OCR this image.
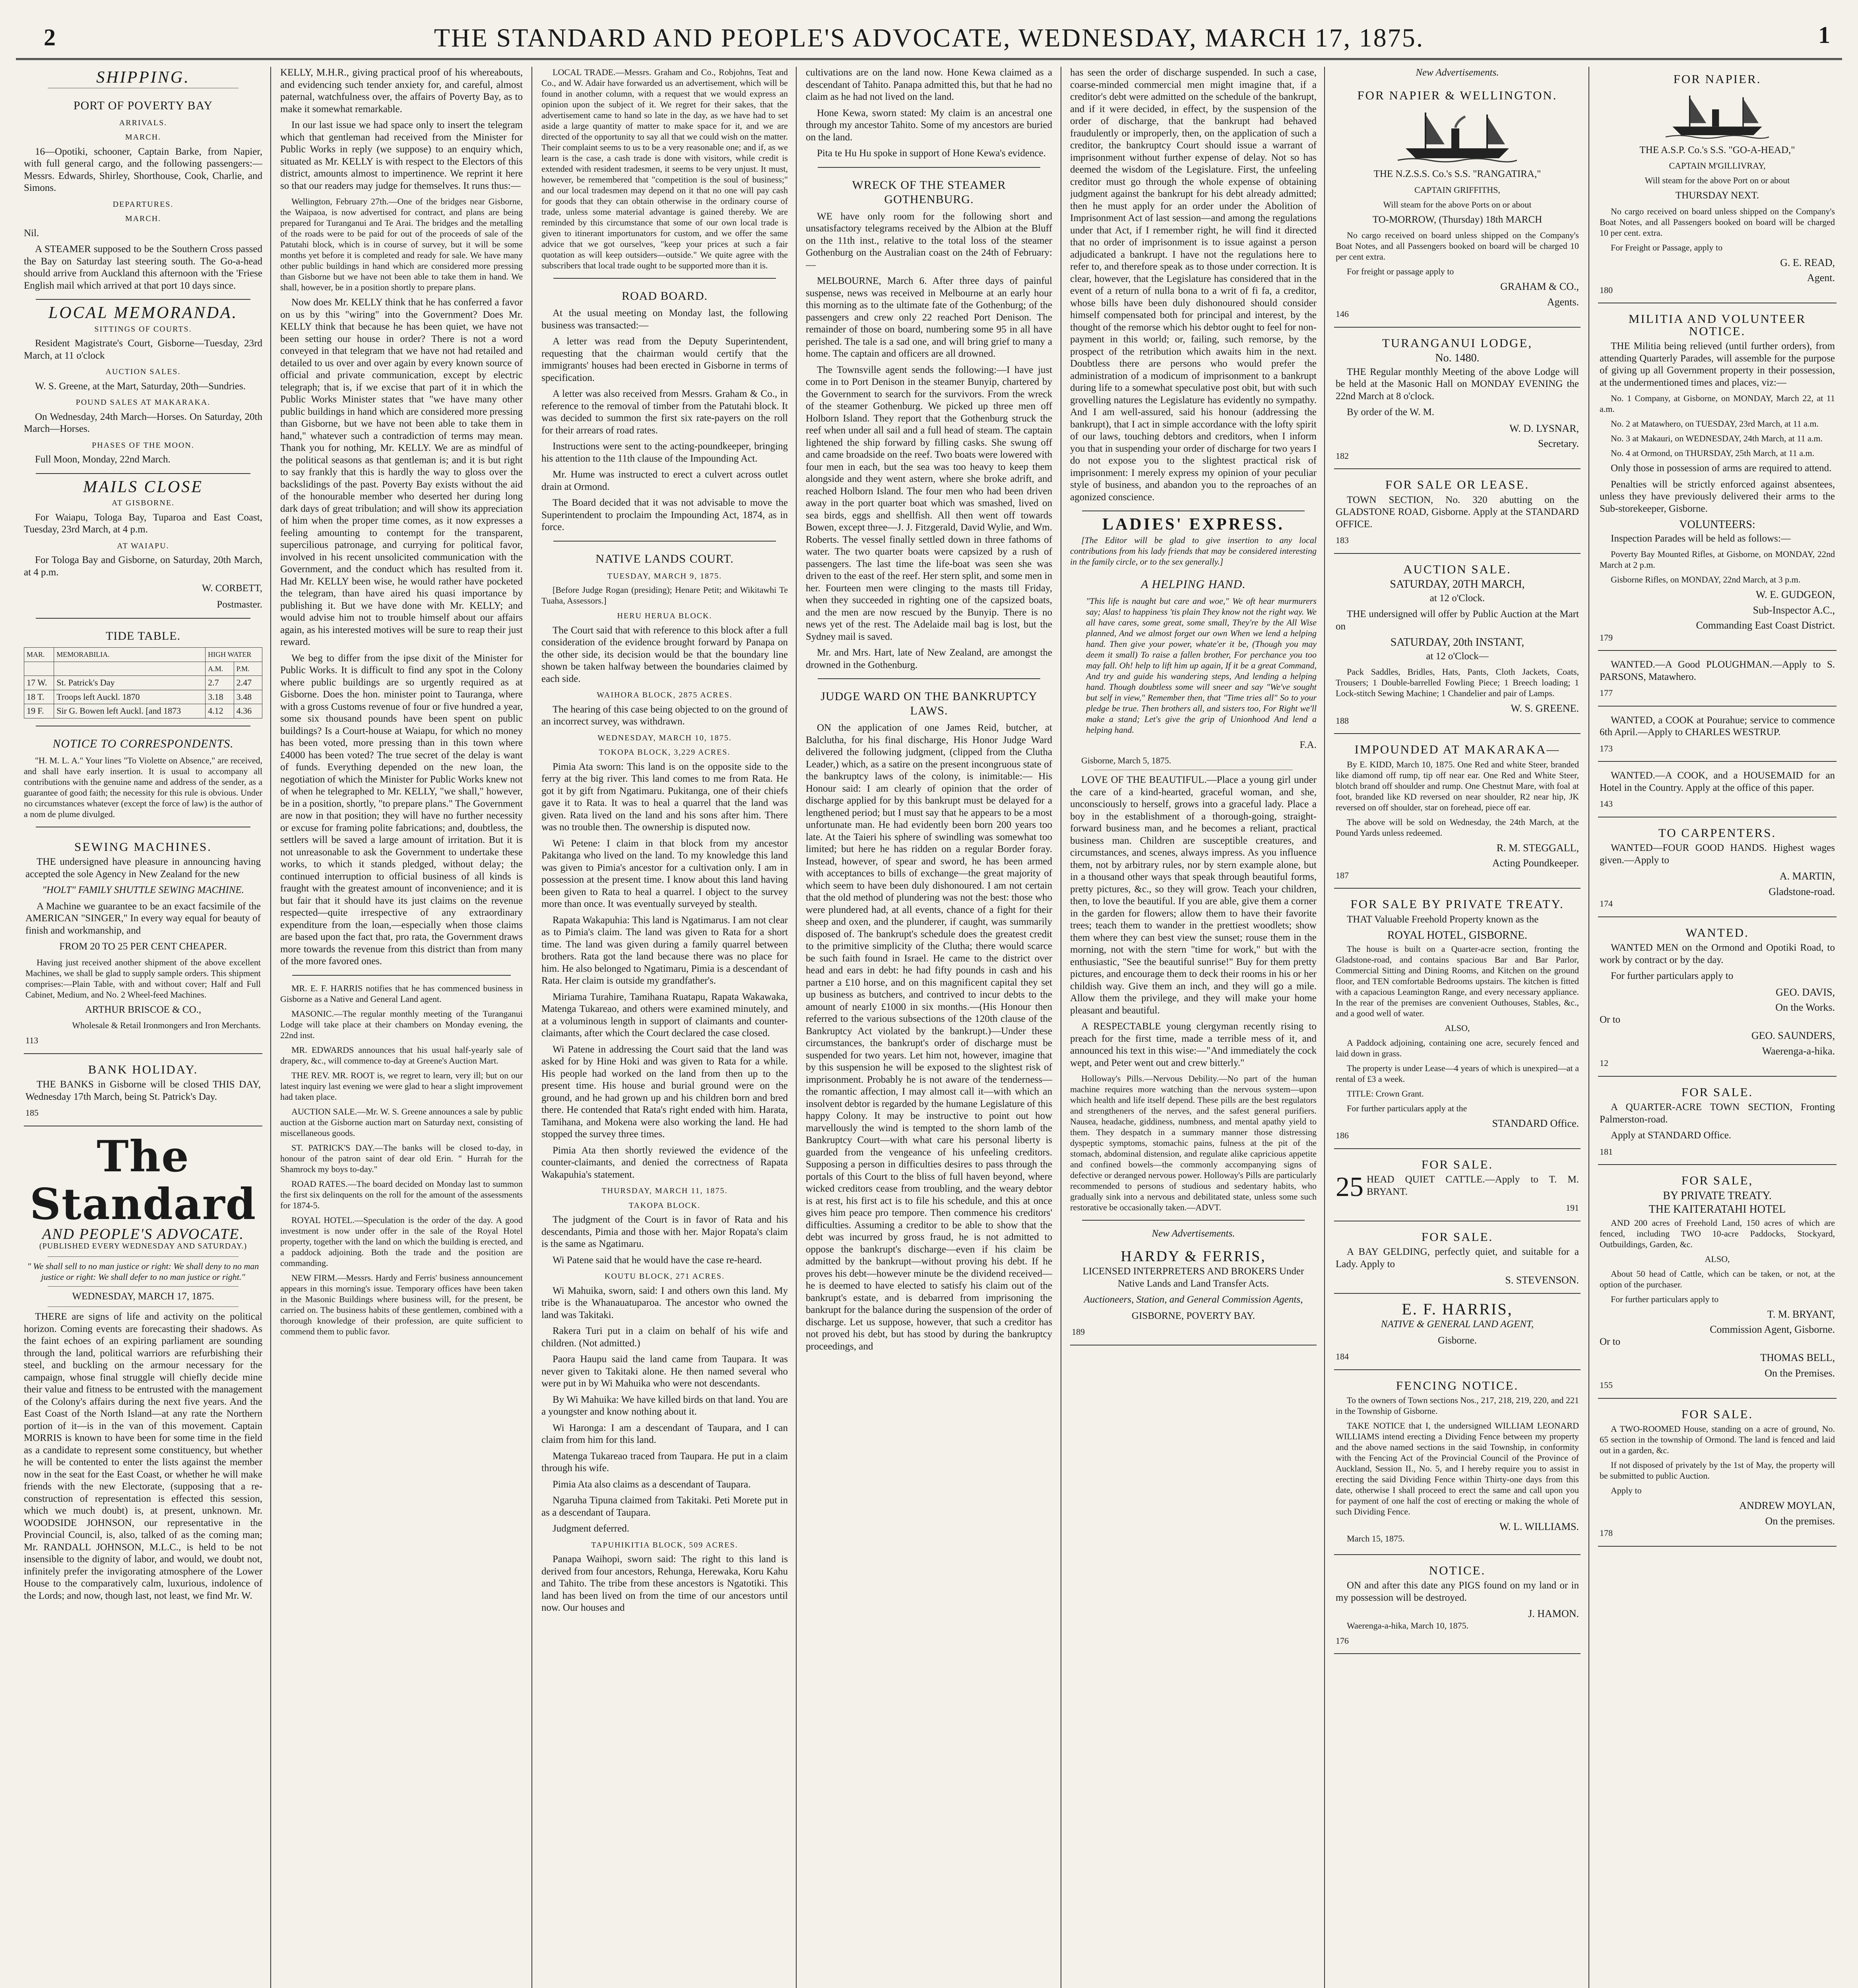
2	THE STANDARD AND PEOPLE'S ADVOCATE, WEDNESDAY, MARCH 17, 1875.	1
SHIPPING.
PORT OF POVERTY BAY
ARRIVALS.
MARCH.

16—Opotiki, schooner, Captain Barke, from Napier, with full general cargo, and the following passengers:—Messrs. Edwards, Shirley, Shorthouse, Cook, Charlie, and Simons.

DEPARTURES.
MARCH.

Nil.

A STEAMER supposed to be the Southern Cross passed the Bay on Saturday last steering south. The Go-a-head should arrive from Auckland this afternoon with the 'Friese English mail which arrived at that port 10 days since.

LOCAL MEMORANDA.
SITTINGS OF COURTS.

Resident Magistrate's Court, Gisborne—Tuesday, 23rd March, at 11 o'clock

AUCTION SALES.

W. S. Greene, at the Mart, Saturday, 20th—Sundries.

POUND SALES AT MAKARAKA.

On Wednesday, 24th March—Horses. On Saturday, 20th March—Horses.

PHASES OF THE MOON.

Full Moon, Monday, 22nd March.

MAILS CLOSE
AT GISBORNE.

For Waiapu, Tologa Bay, Tuparoa and East Coast, Tuesday, 23rd March, at 4 p.m.

AT WAIAPU.

For Tologa Bay and Gisborne, on Saturday, 20th March, at 4 p.m.

W. CORBETT,

Postmaster.

TIDE TABLE.
MAR.	MEMORABILIA.	HIGH WATER	
		A.M.	P.M.
17 W.	St. Patrick's Day	2.7	2.47
18 T.	Troops left Auckl. 1870	3.18	3.48
19 F.	Sir G. Bowen left Auckl. [and 1873	4.12	4.36
NOTICE TO CORRESPONDENTS.

"H. M. L. A." Your lines "To Violette on Absence," are received, and shall have early insertion. It is usual to accompany all contributions with the genuine name and address of the sender, as a guarantee of good faith; the necessity for this rule is obvious. Under no circumstances whatever (except the force of law) is the author of a nom de plume divulged.

SEWING MACHINES.

THE undersigned have pleasure in announcing having accepted the sole Agency in New Zealand for the new

"HOLT" FAMILY SHUTTLE SEWING MACHINE.

A Machine we guarantee to be an exact facsimile of the AMERICAN "SINGER," In every way equal for beauty of finish and workmanship, and

FROM 20 TO 25 PER CENT CHEAPER.

Having just received another shipment of the above excellent Machines, we shall be glad to supply sample orders. This shipment comprises:—Plain Table, with and without cover; Half and Full Cabinet, Medium, and No. 2 Wheel-feed Machines.

ARTHUR BRISCOE & CO.,

Wholesale & Retail Ironmongers and Iron Merchants.

113
BANK HOLIDAY.

THE BANKS in Gisborne will be closed THIS DAY, Wednesday 17th March, being St. Patrick's Day.

185
The Standard
AND PEOPLE'S ADVOCATE.
(PUBLISHED EVERY WEDNESDAY AND SATURDAY.)

" We shall sell to no man justice or right: We shall deny to no man justice or right: We shall defer to no man justice or right."

WEDNESDAY, MARCH 17, 1875.

THERE are signs of life and activity on the political horizon. Coming events are forecasting their shadows. As the faint echoes of an expiring parliament are sounding through the land, political warriors are refurbishing their steel, and buckling on the armour necessary for the campaign, whose final struggle will chiefly decide mine their value and fitness to be entrusted with the management of the Colony's affairs during the next five years. And the East Coast of the North Island—at any rate the Northern portion of it—is in the van of this movement. Captain MORRIS is known to have been for some time in the field as a candidate to represent some constituency, but whether he will be contented to enter the lists against the member now in the seat for the East Coast, or whether he will make friends with the new Electorate, (supposing that a re-construction of representation is effected this session, which we much doubt) is, at present, unknown. Mr. WOODSIDE JOHNSON, our representative in the Provincial Council, is, also, talked of as the coming man; Mr. RANDALL JOHNSON, M.L.C., is held to be not insensible to the dignity of labor, and would, we doubt not, infinitely prefer the invigorating atmosphere of the Lower House to the comparatively calm, luxurious, indolence of the Lords; and now, though last, not least, we find Mr. W.

KELLY, M.H.R., giving practical proof of his whereabouts, and evidencing such tender anxiety for, and careful, almost paternal, watchfulness over, the affairs of Poverty Bay, as to make it somewhat remarkable.

In our last issue we had space only to insert the telegram which that gentleman had received from the Minister for Public Works in reply (we suppose) to an enquiry which, situated as Mr. KELLY is with respect to the Electors of this district, amounts almost to impertinence. We reprint it here so that our readers may judge for themselves. It runs thus:—

Wellington, February 27th.—One of the bridges near Gisborne, the Waipaoa, is now advertised for contract, and plans are being prepared for Turanganui and Te Arai. The bridges and the metalling of the roads were to be paid for out of the proceeds of sale of the Patutahi block, which is in course of survey, but it will be some months yet before it is completed and ready for sale. We have many other public buildings in hand which are considered more pressing than Gisborne but we have not been able to take them in hand. We shall, however, be in a position shortly to prepare plans.

Now does Mr. KELLY think that he has conferred a favor on us by this "wiring" into the Government? Does Mr. KELLY think that because he has been quiet, we have not been setting our house in order? There is not a word conveyed in that telegram that we have not had retailed and detailed to us over and over again by every known source of official and private communication, except by electric telegraph; that is, if we excise that part of it in which the Public Works Minister states that "we have many other public buildings in hand which are considered more pressing than Gisborne, but we have not been able to take them in hand," whatever such a contradiction of terms may mean. Thank you for nothing, Mr. KELLY. We are as mindful of the political seasons as that gentleman is; and it is but right to say frankly that this is hardly the way to gloss over the backslidings of the past. Poverty Bay exists without the aid of the honourable member who deserted her during long dark days of great tribulation; and will show its appreciation of him when the proper time comes, as it now expresses a feeling amounting to contempt for the transparent, supercilious patronage, and currying for political favor, involved in his recent unsolicited communication with the Government, and the conduct which has resulted from it. Had Mr. KELLY been wise, he would rather have pocketed the telegram, than have aired his quasi importance by publishing it. But we have done with Mr. KELLY; and would advise him not to trouble himself about our affairs again, as his interested motives will be sure to reap their just reward.

We beg to differ from the ipse dixit of the Minister for Public Works. It is difficult to find any spot in the Colony where public buildings are so urgently required as at Gisborne. Does the hon. minister point to Tauranga, where with a gross Customs revenue of four or five hundred a year, some six thousand pounds have been spent on public buildings? Is a Court-house at Waiapu, for which no money has been voted, more pressing than in this town where £4000 has been voted? The true secret of the delay is want of funds. Everything depended on the new loan, the negotiation of which the Minister for Public Works knew not of when he telegraphed to Mr. KELLY, "we shall," however, be in a position, shortly, "to prepare plans." The Government are now in that position; they will have no further necessity or excuse for framing polite fabrications; and, doubtless, the settlers will be saved a large amount of irritation. But it is not unreasonable to ask the Government to undertake these works, to which it stands pledged, without delay; the continued interruption to official business of all kinds is fraught with the greatest amount of inconvenience; and it is but fair that it should have its just claims on the revenue respected—quite irrespective of any extraordinary expenditure from the loan,—especially when those claims are based upon the fact that, pro rata, the Government draws more towards the revenue from this district than from many of the more favored ones.

MR. E. F. HARRIS notifies that he has commenced business in Gisborne as a Native and General Land agent.

MASONIC.—The regular monthly meeting of the Turanganui Lodge will take place at their chambers on Monday evening, the 22nd inst.

MR. EDWARDS announces that his usual half-yearly sale of drapery, &c., will commence to-day at Greene's Auction Mart.

THE REV. MR. ROOT is, we regret to learn, very ill; but on our latest inquiry last evening we were glad to hear a slight improvement had taken place.

AUCTION SALE.—Mr. W. S. Greene announces a sale by public auction at the Gisborne auction mart on Saturday next, consisting of miscellaneous goods.

ST. PATRICK'S DAY.—The banks will be closed to-day, in honour of the patron saint of dear old Erin. " Hurrah for the Shamrock my boys to-day."

ROAD RATES.—The board decided on Monday last to summon the first six delinquents on the roll for the amount of the assessments for 1874-5.

ROYAL HOTEL.—Speculation is the order of the day. A good investment is now under offer in the sale of the Royal Hotel property, together with the land on which the building is erected, and a paddock adjoining. Both the trade and the position are commanding.

NEW FIRM.—Messrs. Hardy and Ferris' business announcement appears in this morning's issue. Temporary offices have been taken in the Masonic Buildings where business will, for the present, be carried on. The business habits of these gentlemen, combined with a thorough knowledge of their profession, are quite sufficient to commend them to public favor.

LOCAL TRADE.—Messrs. Graham and Co., Robjohns, Teat and Co., and W. Adair have forwarded us an advertisement, which will be found in another column, with a request that we would express an opinion upon the subject of it. We regret for their sakes, that the advertisement came to hand so late in the day, as we have had to set aside a large quantity of matter to make space for it, and we are directed of the opportunity to say all that we could wish on the matter. Their complaint seems to us to be a very reasonable one; and if, as we learn is the case, a cash trade is done with visitors, while credit is extended with resident tradesmen, it seems to be very unjust. It must, however, be remembered that "competition is the soul of business;" and our local tradesmen may depend on it that no one will pay cash for goods that they can obtain otherwise in the ordinary course of trade, unless some material advantage is gained thereby. We are reminded by this circumstance that some of our own local trade is given to itinerant importunators for custom, and we offer the same advice that we got ourselves, "keep your prices at such a fair quotation as will keep outsiders—outside." We quite agree with the subscribers that local trade ought to be supported more than it is.

ROAD BOARD.

At the usual meeting on Monday last, the following business was transacted:—

A letter was read from the Deputy Superintendent, requesting that the chairman would certify that the immigrants' houses had been erected in Gisborne in terms of specification.

A letter was also received from Messrs. Graham & Co., in reference to the removal of timber from the Patutahi block. It was decided to summon the first six rate-payers on the roll for their arrears of road rates.

Instructions were sent to the acting-poundkeeper, bringing his attention to the 11th clause of the Impounding Act.

Mr. Hume was instructed to erect a culvert across outlet drain at Ormond.

The Board decided that it was not advisable to move the Superintendent to proclaim the Impounding Act, 1874, as in force.

NATIVE LANDS COURT.
TUESDAY, MARCH 9, 1875.

[Before Judge Rogan (presiding); Henare Petit; and Wikitawhi Te Tuaha, Assessors.]

HERU HERUA BLOCK.

The Court said that with reference to this block after a full consideration of the evidence brought forward by Panapa on the other side, its decision would be that the boundary line shown be taken halfway between the boundaries claimed by each side.

WAIHORA BLOCK, 2875 ACRES.

The hearing of this case being objected to on the ground of an incorrect survey, was withdrawn.

WEDNESDAY, MARCH 10, 1875.
TOKOPA BLOCK, 3,229 ACRES.

Pimia Ata sworn: This land is on the opposite side to the ferry at the big river. This land comes to me from Rata. He got it by gift from Ngatimaru. Pukitanga, one of their chiefs gave it to Rata. It was to heal a quarrel that the land was given. Rata lived on the land and his sons after him. There was no trouble then. The ownership is disputed now.

Wi Petene: I claim in that block from my ancestor Pakitanga who lived on the land. To my knowledge this land was given to Pimia's ancestor for a cultivation only. I am in possession at the present time. I know about this land having been given to Rata to heal a quarrel. I object to the survey more than once. It was eventually surveyed by stealth.

Rapata Wakapuhia: This land is Ngatimarus. I am not clear as to Pimia's claim. The land was given to Rata for a short time. The land was given during a family quarrel between brothers. Rata got the land because there was no place for him. He also belonged to Ngatimaru, Pimia is a descendant of Rata. Her claim is outside my grandfather's.

Miriama Turahire, Tamihana Ruatapu, Rapata Wakawaka, Matenga Tukareao, and others were examined minutely, and at a voluminous length in support of claimants and counter-claimants, after which the Court declared the case closed.

Wi Patene in addressing the Court said that the land was asked for by Hine Hoki and was given to Rata for a while. His people had worked on the land from then up to the present time. His house and burial ground were on the ground, and he had grown up and his children born and bred there. He contended that Rata's right ended with him. Harata, Tamihana, and Mokena were also working the land. He had stopped the survey three times.

Pimia Ata then shortly reviewed the evidence of the counter-claimants, and denied the correctness of Rapata Wakapuhia's statement.

THURSDAY, MARCH 11, 1875.
TAKOPA BLOCK.

The judgment of the Court is in favor of Rata and his descendants, Pimia and those with her. Major Ropata's claim is the same as Ngatimaru.

Wi Patene said that he would have the case re-heard.

KOUTU BLOCK, 271 ACRES.

Wi Mahuika, sworn, said: I and others own this land. My tribe is the Whanauatuparoa. The ancestor who owned the land was Takitaki.

Rakera Turi put in a claim on behalf of his wife and children. (Not admitted.)

Paora Haupu said the land came from Taupara. It was never given to Takitaki alone. He then named several who were put in by Wi Mahuika who were not descendants.

By Wi Mahuika: We have killed birds on that land. You are a youngster and know nothing about it.

Wi Haronga: I am a descendant of Taupara, and I can claim from him for this land.

Matenga Tukareao traced from Taupara. He put in a claim through his wife.

Pimia Ata also claims as a descendant of Taupara.

Ngaruha Tipuna claimed from Takitaki. Peti Morete put in as a descendant of Taupara.

Judgment deferred.

TAPUHIKITIA BLOCK, 509 ACRES.

Panapa Waihopi, sworn said: The right to this land is derived from four ancestors, Rehunga, Herewaka, Koru Kahu and Tahito. The tribe from these ancestors is Ngatotiki. This land has been lived on from the time of our ancestors until now. Our houses and

cultivations are on the land now. Hone Kewa claimed as a descendant of Tahito. Panapa admitted this, but that he had no claim as he had not lived on the land.

Hone Kewa, sworn stated: My claim is an ancestral one through my ancestor Tahito. Some of my ancestors are buried on the land.

Pita te Hu Hu spoke in support of Hone Kewa's evidence.

WRECK OF THE STEAMER GOTHENBURG.

WE have only room for the following short and unsatisfactory telegrams received by the Albion at the Bluff on the 11th inst., relative to the total loss of the steamer Gothenburg on the Australian coast on the 24th of February:—

MELBOURNE, March 6. After three days of painful suspense, news was received in Melbourne at an early hour this morning as to the ultimate fate of the Gothenburg; of the passengers and crew only 22 reached Port Denison. The remainder of those on board, numbering some 95 in all have perished. The tale is a sad one, and will bring grief to many a home. The captain and officers are all drowned.

The Townsville agent sends the following:—I have just come in to Port Denison in the steamer Bunyip, chartered by the Government to search for the survivors. From the wreck of the steamer Gothenburg. We picked up three men off Holborn Island. They report that the Gothenburg struck the reef when under all sail and a full head of steam. The captain lightened the ship forward by filling casks. She swung off and came broadside on the reef. Two boats were lowered with four men in each, but the sea was too heavy to keep them alongside and they went astern, where she broke adrift, and reached Holborn Island. The four men who had been driven away in the port quarter boat which was smashed, lived on sea birds, eggs and shellfish. All then went off towards Bowen, except three—J. J. Fitzgerald, David Wylie, and Wm. Roberts. The vessel finally settled down in three fathoms of water. The two quarter boats were capsized by a rush of passengers. The last time the life-boat was seen she was driven to the east of the reef. Her stern split, and some men in her. Fourteen men were clinging to the masts till Friday, when they succeeded in righting one of the capsized boats, and the men are now rescued by the Bunyip. There is no news yet of the rest. The Adelaide mail bag is lost, but the Sydney mail is saved.

Mr. and Mrs. Hart, late of New Zealand, are amongst the drowned in the Gothenburg.

JUDGE WARD ON THE BANKRUPTCY LAWS.

ON the application of one James Reid, butcher, at Balclutha, for his final discharge, His Honor Judge Ward delivered the following judgment, (clipped from the Clutha Leader,) which, as a satire on the present incongruous state of the bankruptcy laws of the colony, is inimitable:— His Honour said: I am clearly of opinion that the order of discharge applied for by this bankrupt must be delayed for a lengthened period; but I must say that he appears to be a most unfortunate man. He had evidently been born 200 years too late. At the Taieri his sphere of swindling was somewhat too limited; but here he has ridden on a regular Border foray. Instead, however, of spear and sword, he has been armed with acceptances to bills of exchange—the great majority of which seem to have been duly dishonoured. I am not certain that the old method of plundering was not the best: those who were plundered had, at all events, chance of a fight for their sheep and oxen, and the plunderer, if caught, was summarily disposed of. The bankrupt's schedule does the greatest credit to the primitive simplicity of the Clutha; there would scarce be such faith found in Israel. He came to the district over head and ears in debt: he had fifty pounds in cash and his partner a £10 horse, and on this magnificent capital they set up business as butchers, and contrived to incur debts to the amount of nearly £1000 in six months.—(His Honour then referred to the various subsections of the 120th clause of the Bankruptcy Act violated by the bankrupt.)—Under these circumstances, the bankrupt's order of discharge must be suspended for two years. Let him not, however, imagine that by this suspension he will be exposed to the slightest risk of imprisonment. Probably he is not aware of the tenderness—the romantic affection, I may almost call it—with which an insolvent debtor is regarded by the humane Legislature of this happy Colony. It may be instructive to point out how marvellously the wind is tempted to the shorn lamb of the Bankruptcy Court—with what care his personal liberty is guarded from the vengeance of his unfeeling creditors. Supposing a person in difficulties desires to pass through the portals of this Court to the bliss of full haven beyond, where wicked creditors cease from troubling, and the weary debtor is at rest, his first act is to file his schedule, and this at once gives him peace pro tempore. Then commence his creditors' difficulties. Assuming a creditor to be able to show that the debt was incurred by gross fraud, he is not admitted to oppose the bankrupt's discharge—even if his claim be admitted by the bankrupt—without proving his debt. If he proves his debt—however minute be the dividend received—he is deemed to have elected to satisfy his claim out of the bankrupt's estate, and is debarred from imprisoning the bankrupt for the balance during the suspension of the order of discharge. Let us suppose, however, that such a creditor has not proved his debt, but has stood by during the bankruptcy proceedings, and

has seen the order of discharge suspended. In such a case, coarse-minded commercial men might imagine that, if a creditor's debt were admitted on the schedule of the bankrupt, and if it were decided, in effect, by the suspension of the order of discharge, that the bankrupt had behaved fraudulently or improperly, then, on the application of such a creditor, the bankruptcy Court should issue a warrant of imprisonment without further expense of delay. Not so has deemed the wisdom of the Legislature. First, the unfeeling creditor must go through the whole expense of obtaining judgment against the bankrupt for his debt already admitted; then he must apply for an order under the Abolition of Imprisonment Act of last session—and among the regulations under that Act, if I remember right, he will find it directed that no order of imprisonment is to issue against a person adjudicated a bankrupt. I have not the regulations here to refer to, and therefore speak as to those under correction. It is clear, however, that the Legislature has considered that in the event of a return of nulla bona to a writ of fi fa, a creditor, whose bills have been duly dishonoured should consider himself compensated both for principal and interest, by the thought of the remorse which his debtor ought to feel for non-payment in this world; or, failing, such remorse, by the prospect of the retribution which awaits him in the next. Doubtless there are persons who would prefer the administration of a modicum of imprisonment to a bankrupt during life to a somewhat speculative post obit, but with such grovelling natures the Legislature has evidently no sympathy. And I am well-assured, said his honour (addressing the bankrupt), that I act in simple accordance with the lofty spirit of our laws, touching debtors and creditors, when I inform you that in suspending your order of discharge for two years I do not expose you to the slightest practical risk of imprisonment: I merely express my opinion of your peculiar style of business, and abandon you to the reproaches of an agonized conscience.

LADIES' EXPRESS.

[The Editor will be glad to give insertion to any local contributions from his lady friends that may be considered interesting in the family circle, or to the sex generally.]

A HELPING HAND.

"This life is naught but care and woe," We oft hear murmurers say; Alas! to happiness 'tis plain They know not the right way. We all have cares, some great, some small, They're by the All Wise planned, And we almost forget our own When we lend a helping hand. Then give your power, whate'er it be, (Though you may deem it small) To raise a fallen brother, For perchance you too may fall. Oh! help to lift him up again, If it be a great Command, And try and guide his wandering steps, And lending a helping hand. Though doubtless some will sneer and say "We've sought but self in view," Remember then, that "Time tries all" So to your pledge be true. Then brothers all, and sisters too, For Right we'll make a stand; Let's give the grip of Unionhood And lend a helping hand.

F.A.

Gisborne, March 5, 1875.

LOVE OF THE BEAUTIFUL.—Place a young girl under the care of a kind-hearted, graceful woman, and she, unconsciously to herself, grows into a graceful lady. Place a boy in the establishment of a thorough-going, straight-forward business man, and he becomes a reliant, practical business man. Children are susceptible creatures, and circumstances, and scenes, always impress. As you influence them, not by arbitrary rules, nor by stern example alone, but in a thousand other ways that speak through beautiful forms, pretty pictures, &c., so they will grow. Teach your children, then, to love the beautiful. If you are able, give them a corner in the garden for flowers; allow them to have their favorite trees; teach them to wander in the prettiest woodlets; show them where they can best view the sunset; rouse them in the morning, not with the stern "time for work," but with the enthusiastic, "See the beautiful sunrise!" Buy for them pretty pictures, and encourage them to deck their rooms in his or her childish way. Give them an inch, and they will go a mile. Allow them the privilege, and they will make your home pleasant and beautiful.

A RESPECTABLE young clergyman recently rising to preach for the first time, made a terrible mess of it, and announced his text in this wise:—"And immediately the cock wept, and Peter went out and crew bitterly."

Holloway's Pills.—Nervous Debility.—No part of the human machine requires more watching than the nervous system—upon which health and life itself depend. These pills are the best regulators and strengtheners of the nerves, and the safest general purifiers. Nausea, headache, giddiness, numbness, and mental apathy yield to them. They despatch in a summary manner those distressing dyspeptic symptoms, stomachic pains, fulness at the pit of the stomach, abdominal distension, and regulate alike capricious appetite and confined bowels—the commonly accompanying signs of defective or deranged nervous power. Holloway's Pills are particularly recommended to persons of studious and sedentary habits, who gradually sink into a nervous and debilitated state, unless some such restorative be occasionally taken.—ADVT.

New Advertisements.

HARDY & FERRIS,

LICENSED INTERPRETERS AND BROKERS Under Native Lands and Land Transfer Acts.

Auctioneers, Station, and General Commission Agents,

GISBORNE, POVERTY BAY.

189

New Advertisements.

FOR NAPIER & WELLINGTON.

THE N.Z.S.S. Co.'s S.S. "RANGATIRA,"

CAPTAIN GRIFFITHS,

Will steam for the above Ports on or about

TO-MORROW, (Thursday) 18th MARCH

No cargo received on board unless shipped on the Company's Boat Notes, and all Passengers booked on board will be charged 10 per cent extra.

For freight or passage apply to

GRAHAM & CO.,
Agents.
146
TURANGANUI LODGE,
No. 1480.

THE Regular monthly Meeting of the above Lodge will be held at the Masonic Hall on MONDAY EVENING the 22nd March at 8 o'clock.

By order of the W. M.

W. D. LYSNAR,
Secretary.
182
FOR SALE OR LEASE.

TOWN SECTION, No. 320 abutting on the GLADSTONE ROAD, Gisborne. Apply at the STANDARD OFFICE.

183
AUCTION SALE.
SATURDAY, 20TH MARCH,

at 12 o'Clock.

THE undersigned will offer by Public Auction at the Mart on

SATURDAY, 20th INSTANT,

at 12 o'Clock—

Pack Saddles, Bridles, Hats, Pants, Cloth Jackets, Coats, Trousers; 1 Double-barrelled Fowling Piece; 1 Breech loading; 1 Lock-stitch Sewing Machine; 1 Chandelier and pair of Lamps.

W. S. GREENE.
188
IMPOUNDED AT MAKARAKA—

By E. KIDD, March 10, 1875. One Red and white Steer, branded like diamond off rump, tip off near ear. One Red and White Steer, blotch brand off shoulder and rump. One Chestnut Mare, with foal at foot, branded like KD reversed on near shoulder, R2 near hip, JK reversed on off shoulder, star on forehead, piece off ear.

The above will be sold on Wednesday, the 24th March, at the Pound Yards unless redeemed.

R. M. STEGGALL,
Acting Poundkeeper.
187
FOR SALE BY PRIVATE TREATY.

THAT Valuable Freehold Property known as the

ROYAL HOTEL, GISBORNE.

The house is built on a Quarter-acre section, fronting the Gladstone-road, and contains spacious Bar and Bar Parlor, Commercial Sitting and Dining Rooms, and Kitchen on the ground floor, and TEN comfortable Bedrooms upstairs. The kitchen is fitted with a capacious Leamington Range, and every necessary appliance. In the rear of the premises are convenient Outhouses, Stables, &c., and a good well of water.

ALSO,

A Paddock adjoining, containing one acre, securely fenced and laid down in grass.

The property is under Lease—4 years of which is unexpired—at a rental of £3 a week.

TITLE: Crown Grant.

For further particulars apply at the

STANDARD Office.
186
FOR SALE.

25 HEAD QUIET CATTLE.—Apply to T. M. BRYANT.

191
FOR SALE.

A BAY GELDING, perfectly quiet, and suitable for a Lady. Apply to

S. STEVENSON.
E. F. HARRIS,

NATIVE & GENERAL LAND AGENT,

Gisborne.

184
FENCING NOTICE.

To the owners of Town sections Nos., 217, 218, 219, 220, and 221 in the Township of Gisborne.

TAKE NOTICE that I, the undersigned WILLIAM LEONARD WILLIAMS intend erecting a Dividing Fence between my property and the above named sections in the said Township, in conformity with the Fencing Act of the Provincial Council of the Province of Auckland, Session II., No. 5, and I hereby require you to assist in erecting the said Dividing Fence within Thirty-one days from this date, otherwise I shall proceed to erect the same and call upon you for payment of one half the cost of erecting or making the whole of such Dividing Fence.

W. L. WILLIAMS.

March 15, 1875.

NOTICE.

ON and after this date any PIGS found on my land or in my possession will be destroyed.

J. HAMON.

Waerenga-a-hika, March 10, 1875.

176
FOR NAPIER.

THE A.S.P. Co.'s S.S. "GO-A-HEAD,"

CAPTAIN M'GILLIVRAY,

Will steam for the above Port on or about

THURSDAY NEXT.

No cargo received on board unless shipped on the Company's Boat Notes, and all Passengers booked on board will be charged 10 per cent. extra.

For Freight or Passage, apply to

G. E. READ,
Agent.
180
MILITIA AND VOLUNTEER NOTICE.

THE Militia being relieved (until further orders), from attending Quarterly Parades, will assemble for the purpose of giving up all Government property in their possession, at the undermentioned times and places, viz:—

No. 1 Company, at Gisborne, on MONDAY, March 22, at 11 a.m.

No. 2 at Matawhero, on TUESDAY, 23rd March, at 11 a.m.

No. 3 at Makauri, on WEDNESDAY, 24th March, at 11 a.m.

No. 4 at Ormond, on THURSDAY, 25th March, at 11 a.m.

Only those in possession of arms are required to attend.

Penalties will be strictly enforced against absentees, unless they have previously delivered their arms to the Sub-storekeeper, Gisborne.

VOLUNTEERS:

Inspection Parades will be held as follows:—

Poverty Bay Mounted Rifles, at Gisborne, on MONDAY, 22nd March at 2 p.m.

Gisborne Rifles, on MONDAY, 22nd March, at 3 p.m.

W. E. GUDGEON,
Sub-Inspector A.C.,
Commanding East Coast District.
179

WANTED.—A Good PLOUGHMAN.—Apply to S. PARSONS, Matawhero.

177

WANTED, a COOK at Pourahue; service to commence 6th April.—Apply to CHARLES WESTRUP.

173

WANTED.—A COOK, and a HOUSEMAID for an Hotel in the Country. Apply at the office of this paper.

143
TO CARPENTERS.

WANTED—FOUR GOOD HANDS. Highest wages given.—Apply to

A. MARTIN,
Gladstone-road.
174
WANTED.

WANTED MEN on the Ormond and Opotiki Road, to work by contract or by the day.

For further particulars apply to

GEO. DAVIS,
On the Works.

Or to

GEO. SAUNDERS,
Waerenga-a-hika.
12
FOR SALE.

A QUARTER-ACRE TOWN SECTION, Fronting Palmerston-road.

Apply at STANDARD Office.

181
FOR SALE,
BY PRIVATE TREATY.
THE KAITERATAHI HOTEL

AND 200 acres of Freehold Land, 150 acres of which are fenced, including TWO 10-acre Paddocks, Stockyard, Outbuildings, Garden, &c.

ALSO,

About 50 head of Cattle, which can be taken, or not, at the option of the purchaser.

For further particulars apply to

T. M. BRYANT,
Commission Agent, Gisborne.

Or to

THOMAS BELL,
On the Premises.
155
FOR SALE.

A TWO-ROOMED House, standing on a acre of ground, No. 65 section in the township of Ormond. The land is fenced and laid out in a garden, &c.

If not disposed of privately by the 1st of May, the property will be submitted to public Auction.

Apply to

ANDREW MOYLAN,
On the premises.
178
